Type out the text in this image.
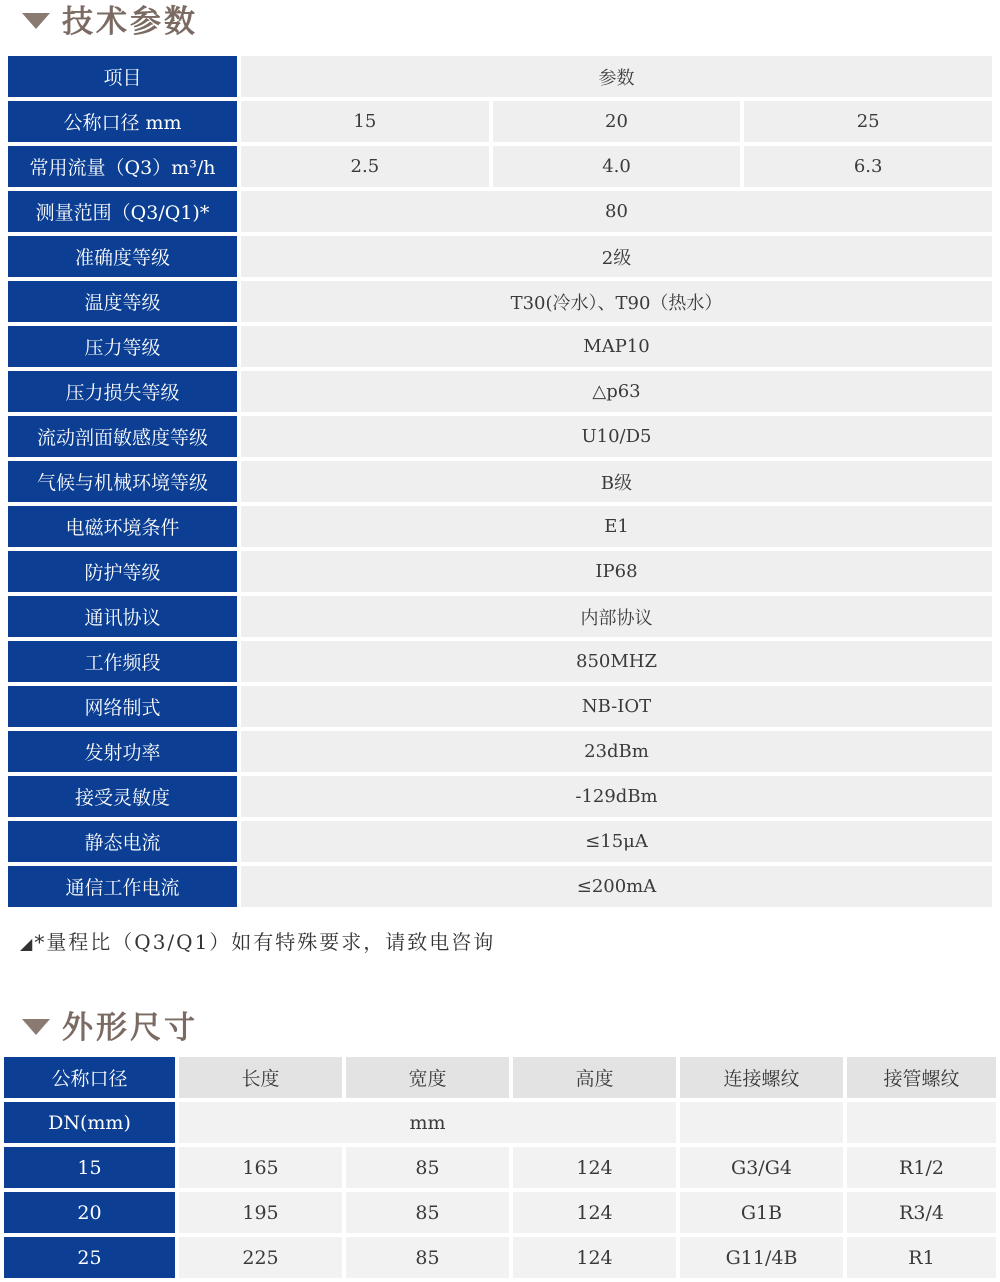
技术参数
项目	参数
公称口径 mm	15	20	25
常用流量（Q3）m³/h	2.5	4.0	6.3
测量范围（Q3/Q1)*	80
准确度等级	2级
温度等级	T30(冷水）、T90（热水）
压力等级	MAP10
压力损失等级	△p63
流动剖面敏感度等级	U10/D5
气候与机械环境等级	B级
电磁环境条件	E1
防护等级	IP68
通讯协议	内部协议
工作频段	850MHZ
网络制式	NB-IOT
发射功率	23dBm
接受灵敏度	-129dBm
静态电流	≤15μA
通信工作电流	≤200mA
◢*量程比（Q3/Q1）如有特殊要求，请致电咨询
外形尺寸
公称口径	长度	宽度	高度	连接螺纹	接管螺纹
DN(mm)	mm
15	165	85	124	G3/G4	R1/2
20	195	85	124	G1B	R3/4
25	225	85	124	G11/4B	R1
